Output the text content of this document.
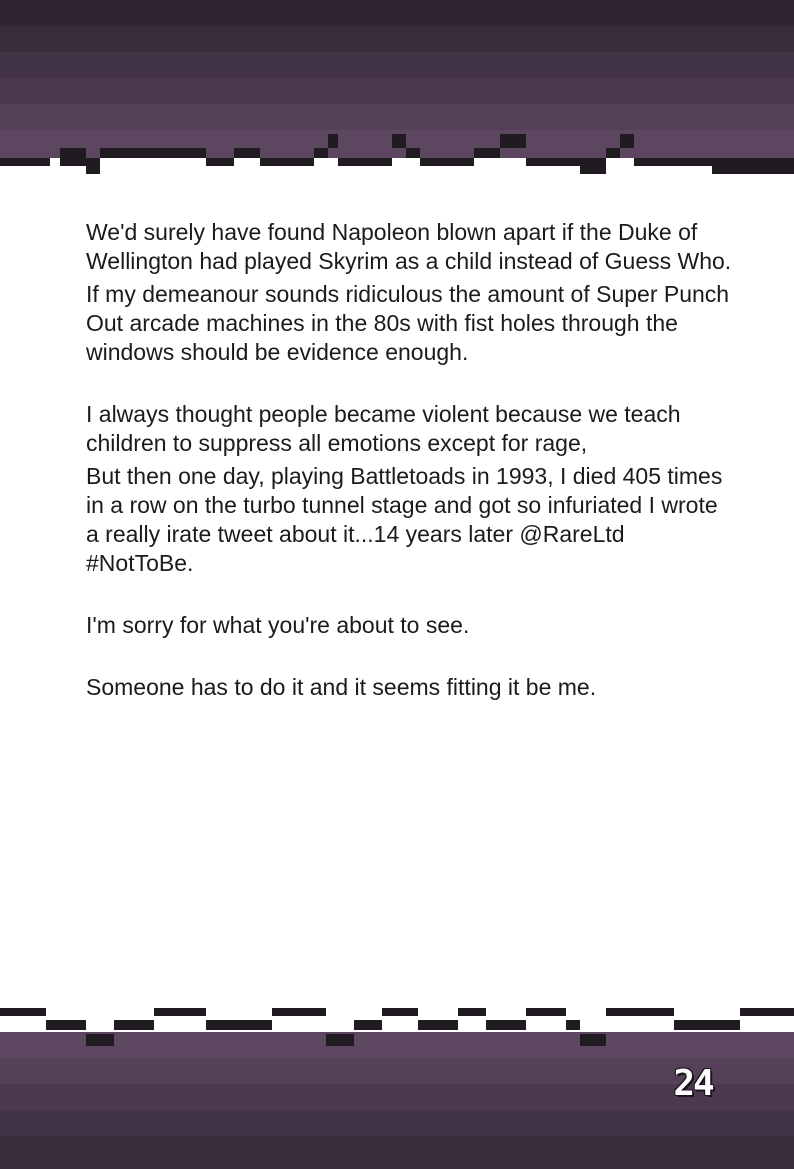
We'd surely have found Napoleon blown apart if the Duke of Wellington had played Skyrim as a child instead of Guess Who.

If my demeanour sounds ridiculous the amount of Super Punch Out arcade machines in the 80s with fist holes through the windows should be evidence enough.

I always thought people became violent because we teach children to suppress all emotions except for rage,

But then one day, playing Battletoads in 1993, I died 405 times in a row on the turbo tunnel stage and got so infuriated I wrote a really irate tweet about it...14 years later @RareLtd #NotToBe.

I'm sorry for what you're about to see.

Someone has to do it and it seems fitting it be me.

24
